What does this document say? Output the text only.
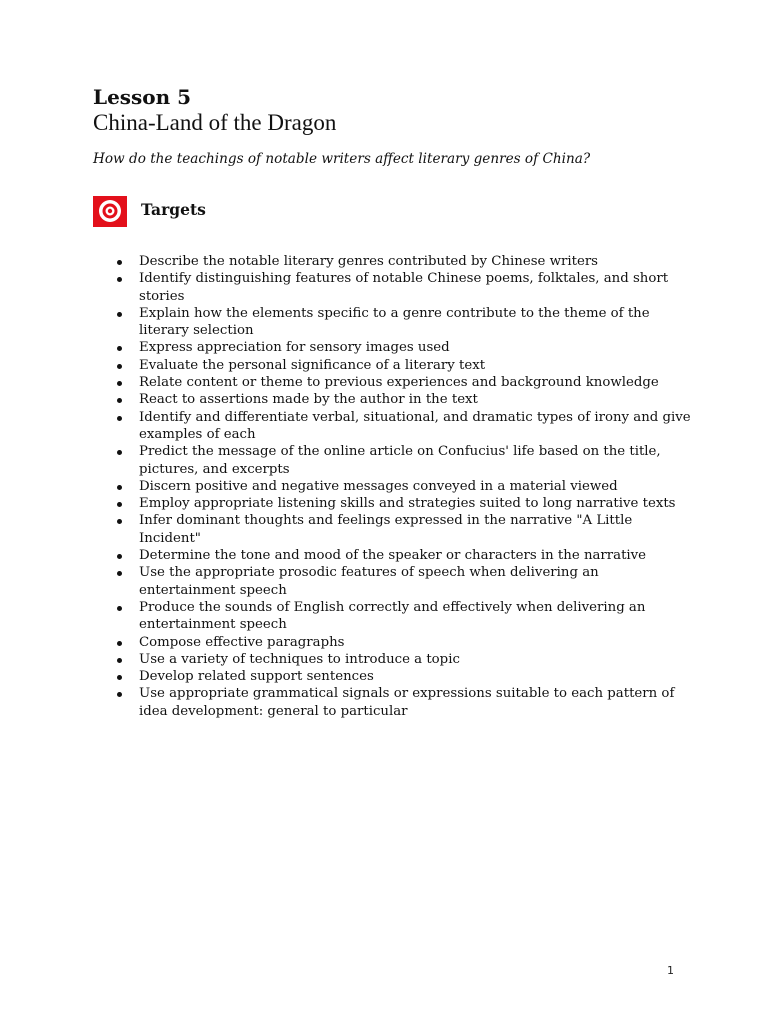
Lesson 5
China-Land of the Dragon

How do the teachings of notable writers affect literary genres of China?

Targets
Describe the notable literary genres contributed by Chinese writers
Identify distinguishing features of notable Chinese poems, folktales, and short stories
Explain how the elements specific to a genre contribute to the theme of the literary selection
Express appreciation for sensory images used
Evaluate the personal significance of a literary text
Relate content or theme to previous experiences and background knowledge
React to assertions made by the author in the text
Identify and differentiate verbal, situational, and dramatic types of irony and give examples of each
Predict the message of the online article on Confucius' life based on the title, pictures, and excerpts
Discern positive and negative messages conveyed in a material viewed
Employ appropriate listening skills and strategies suited to long narrative texts
Infer dominant thoughts and feelings expressed in the narrative "A Little Incident"
Determine the tone and mood of the speaker or characters in the narrative
Use the appropriate prosodic features of speech when delivering an entertainment speech
Produce the sounds of English correctly and effectively when delivering an entertainment speech
Compose effective paragraphs
Use a variety of techniques to introduce a topic
Develop related support sentences
Use appropriate grammatical signals or expressions suitable to each pattern of idea development: general to particular
1
